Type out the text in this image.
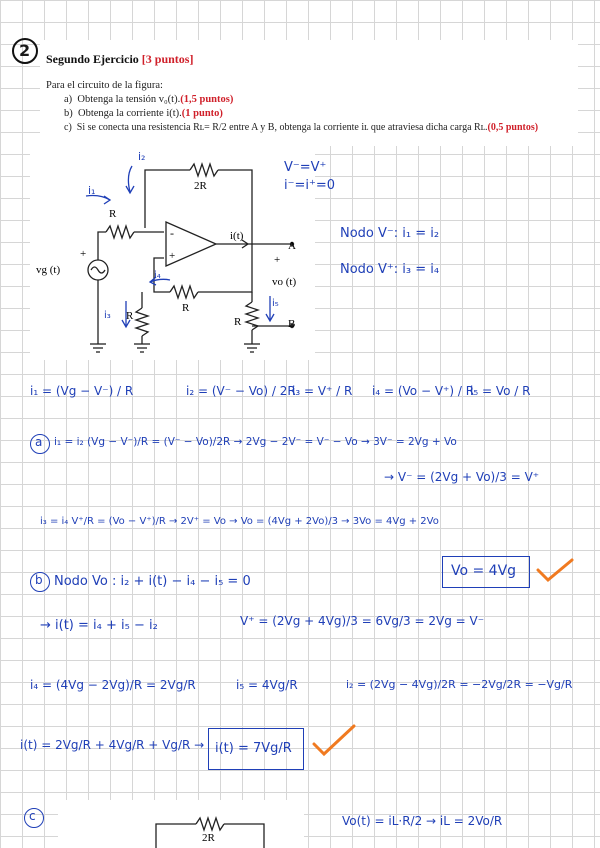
2 Segundo Ejercicio [3 puntos]
Para el circuito de la figura:
a) Obtenga la tensión v₀(t).(1,5 puntos)
b) Obtenga la corriente i(t).(1 punto)
c) Si se conecta una resistencia Rʟ= R/2 entre A y B, obtenga la corriente iʟ que atraviesa dicha carga Rʟ.(0,5 puntos)
2R
R
R
R	R
vg (t)
+
i(t)
A
+
vo (t)
B
-
+
i₂
i₁
i₄
i₃
i₅
V⁻=V⁺
i⁻=i⁺=0
Nodo V⁻: i₁ = i₂
Nodo V⁺: i₃ = i₄
i₁ = (Vg − V⁻) / R	i₂ = (V⁻ − Vo) / 2R
i₃ = V⁺ / R i₄ = (Vo − V⁺) / R
i₅ = Vo / R
a i₁ = i₂ (Vg − V⁻)/R = (V⁻ − Vo)/2R → 2Vg − 2V⁻ = V⁻ − Vo → 3V⁻ = 2Vg + Vo
→ V⁻ = (2Vg + Vo)/3 = V⁺
i₃ = i₄ V⁺/R = (Vo − V⁺)/R → 2V⁺ = Vo → Vo = (4Vg + 2Vo)/3 → 3Vo = 4Vg + 2Vo
Vo = 4Vg
b Nodo Vo : i₂ + i(t) − i₄ − i₅ = 0
→ i(t) = i₄ + i₅ − i₂	V⁺ = (2Vg + 4Vg)/3 = 6Vg/3 = 2Vg = V⁻
i₄ = (4Vg − 2Vg)/R = 2Vg/R	i₅ = 4Vg/R	i₂ = (2Vg − 4Vg)/2R = −2Vg/2R = −Vg/R
i(t) = 2Vg/R + 4Vg/R + Vg/R → i(t) = 7Vg/R
c
2R
Vo(t) = iL·R/2 → iL = 2Vo/R
